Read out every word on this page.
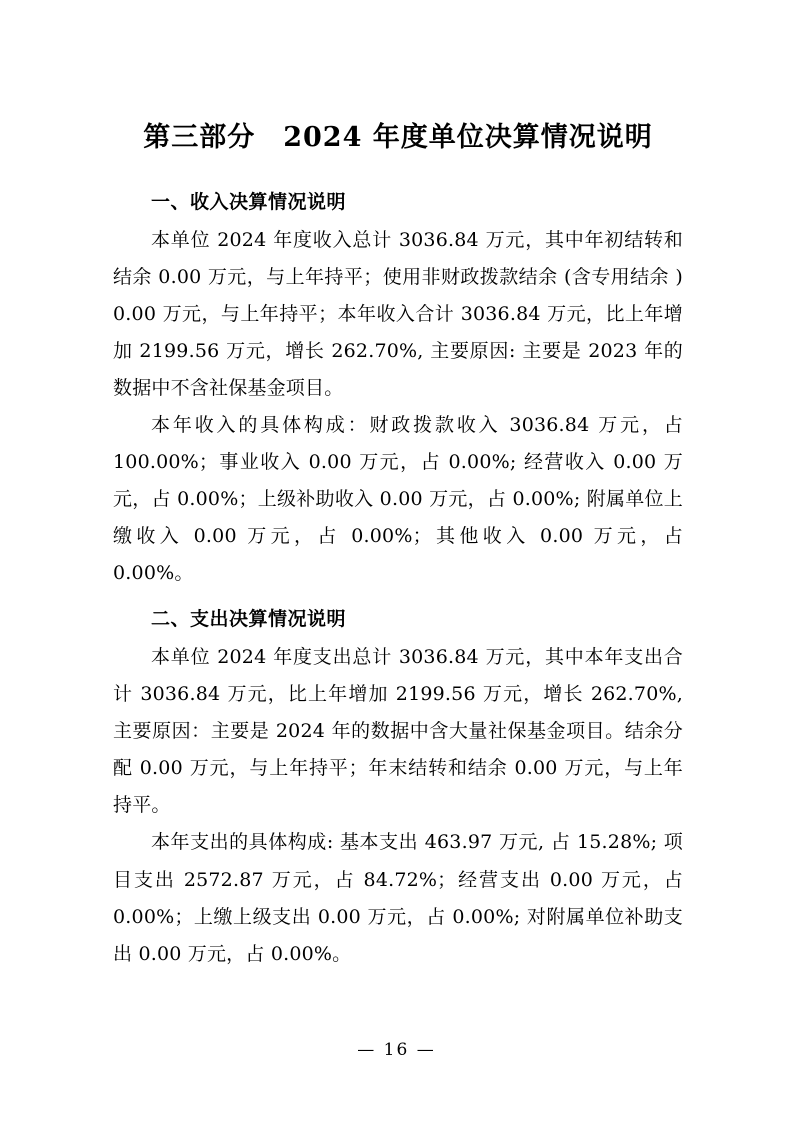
第三部分　2024 年度单位决算情况说明
一、收入决算情况说明

本单位 2024 年度收入总计 3036.84 万元，其中年初结转和结余 0.00 万元，与上年持平；使用非财政拨款结余 (含专用结余 ) 0.00 万元，与上年持平；本年收入合计 3036.84 万元，比上年增加 2199.56 万元，增长 262.70%, 主要原因: 主要是 2023 年的数据中不含社保基金项目。

本年收入的具体构成：财政拨款收入 3036.84 万元，占 100.00%；事业收入 0.00 万元，占 0.00%; 经营收入 0.00 万元，占 0.00%；上级补助收入 0.00 万元，占 0.00%; 附属单位上缴收入 0.00 万元，占 0.00%；其他收入 0.00 万元，占 0.00%。

二、支出决算情况说明

本单位 2024 年度支出总计 3036.84 万元，其中本年支出合计 3036.84 万元，比上年增加 2199.56 万元，增长 262.70%, 主要原因：主要是 2024 年的数据中含大量社保基金项目。结余分配 0.00 万元，与上年持平；年末结转和结余 0.00 万元，与上年持平。

本年支出的具体构成: 基本支出 463.97 万元, 占 15.28%; 项目支出 2572.87 万元，占 84.72%；经营支出 0.00 万元，占 0.00%；上缴上级支出 0.00 万元，占 0.00%; 对附属单位补助支出 0.00 万元，占 0.00%。

— 16 —
